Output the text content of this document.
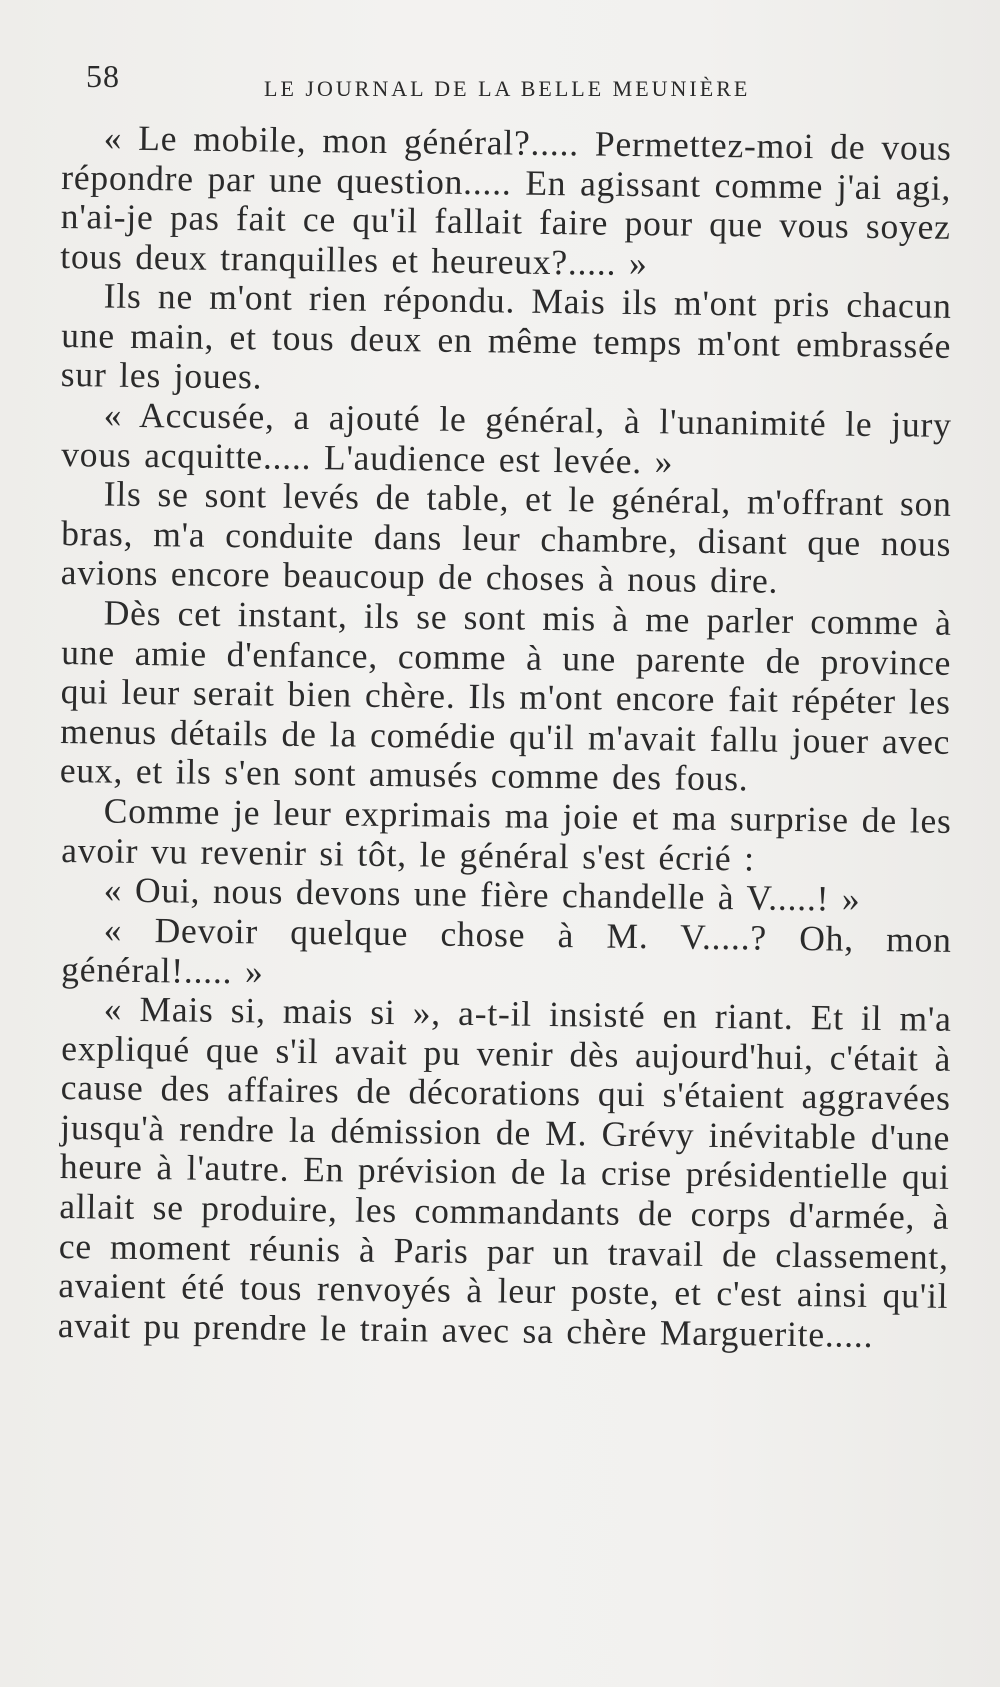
58	LE JOURNAL DE LA BELLE MEUNIÈRE

« Le mobile, mon général?..... Permettez-moi de vous répondre par une question..... En agissant comme j'ai agi, n'ai-je pas fait ce qu'il fallait faire pour que vous soyez tous deux tranquilles et heureux?..... »

Ils ne m'ont rien répondu. Mais ils m'ont pris chacun une main, et tous deux en même temps m'ont embrassée sur les joues.

« Accusée, a ajouté le général, à l'unanimité le jury vous acquitte..... L'audience est levée. »

Ils se sont levés de table, et le général, m'offrant son bras, m'a conduite dans leur chambre, disant que nous avions encore beaucoup de choses à nous dire.

Dès cet instant, ils se sont mis à me parler comme à une amie d'enfance, comme à une parente de province qui leur serait bien chère. Ils m'ont encore fait répéter les menus détails de la comédie qu'il m'avait fallu jouer avec eux, et ils s'en sont amusés comme des fous.

Comme je leur exprimais ma joie et ma surprise de les avoir vu revenir si tôt, le général s'est écrié :

« Oui, nous devons une fière chandelle à V.....! »

« Devoir quelque chose à M. V.....? Oh, mon général!..... »

« Mais si, mais si », a-t-il insisté en riant. Et il m'a expliqué que s'il avait pu venir dès aujourd'hui, c'était à cause des affaires de décorations qui s'étaient aggravées jusqu'à rendre la démission de M. Grévy inévitable d'une heure à l'autre. En prévision de la crise présidentielle qui allait se produire, les commandants de corps d'armée, à ce moment réunis à Paris par un travail de classement, avaient été tous renvoyés à leur poste, et c'est ainsi qu'il avait pu prendre le train avec sa chère Marguerite.....
